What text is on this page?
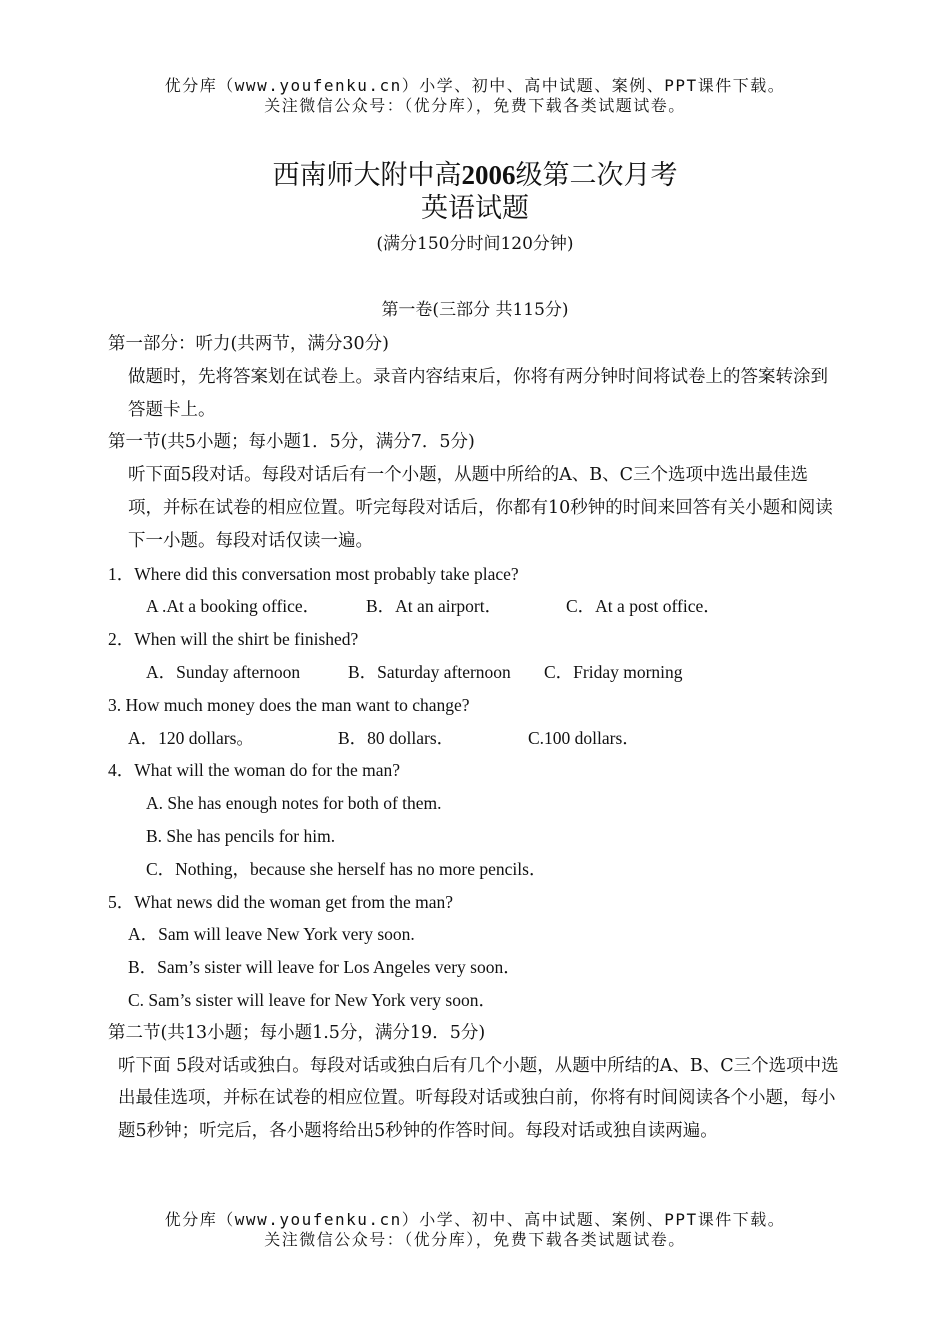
优分库（www.youfenku.cn）小学、初中、高中试题、案例、PPT课件下载。
关注微信公众号：（优分库），免费下载各类试题试卷。
西南师大附中高2006级第二次月考
英语试题
(满分150分时间120分钟)
第一卷(三部分 共115分)
第一部分：听力(共两节，满分30分)
做题时，先将答案划在试卷上。录音内容结束后，你将有两分钟时间将试卷上的答案转涂到答题卡上。
第一节(共5小题；每小题1．5分，满分7．5分)
听下面5段对话。每段对话后有一个小题，从题中所给的A、B、C三个选项中选出最佳选项，并标在试卷的相应位置。听完每段对话后，你都有10秒钟的时间来回答有关小题和阅读下一小题。每段对话仅读一遍。
1．Where did this conversation most probably take place?
A .At a booking office．	B．At an airport．	C．At a post office．
2．When will the shirt be finished?
A．Sunday afternoon	B．Saturday afternoon C．Friday morning
3. How much money does the man want to change?
A．120 dollars。	B．80 dollars．	C.100 dollars．
4．What will the woman do for the man?
A. She has enough notes for both of them.
B. She has pencils for him.
C．Nothing，because she herself has no more pencils．
5．What news did the woman get from the man?
A．Sam will leave New York very soon.
B．Sam’s sister will leave for Los Angeles very soon．
C. Sam’s sister will leave for New York very soon．
第二节(共13小题；每小题1.5分，满分19．5分)
听下面 5段对话或独白。每段对话或独白后有几个小题，从题中所结的A、B、C三个选项中选出最佳选项，并标在试卷的相应位置。听每段对话或独白前，你将有时间阅读各个小题，每小题5秒钟；听完后，各小题将给出5秒钟的作答时间。每段对话或独自读两遍。
优分库（www.youfenku.cn）小学、初中、高中试题、案例、PPT课件下载。
关注微信公众号：（优分库），免费下载各类试题试卷。
